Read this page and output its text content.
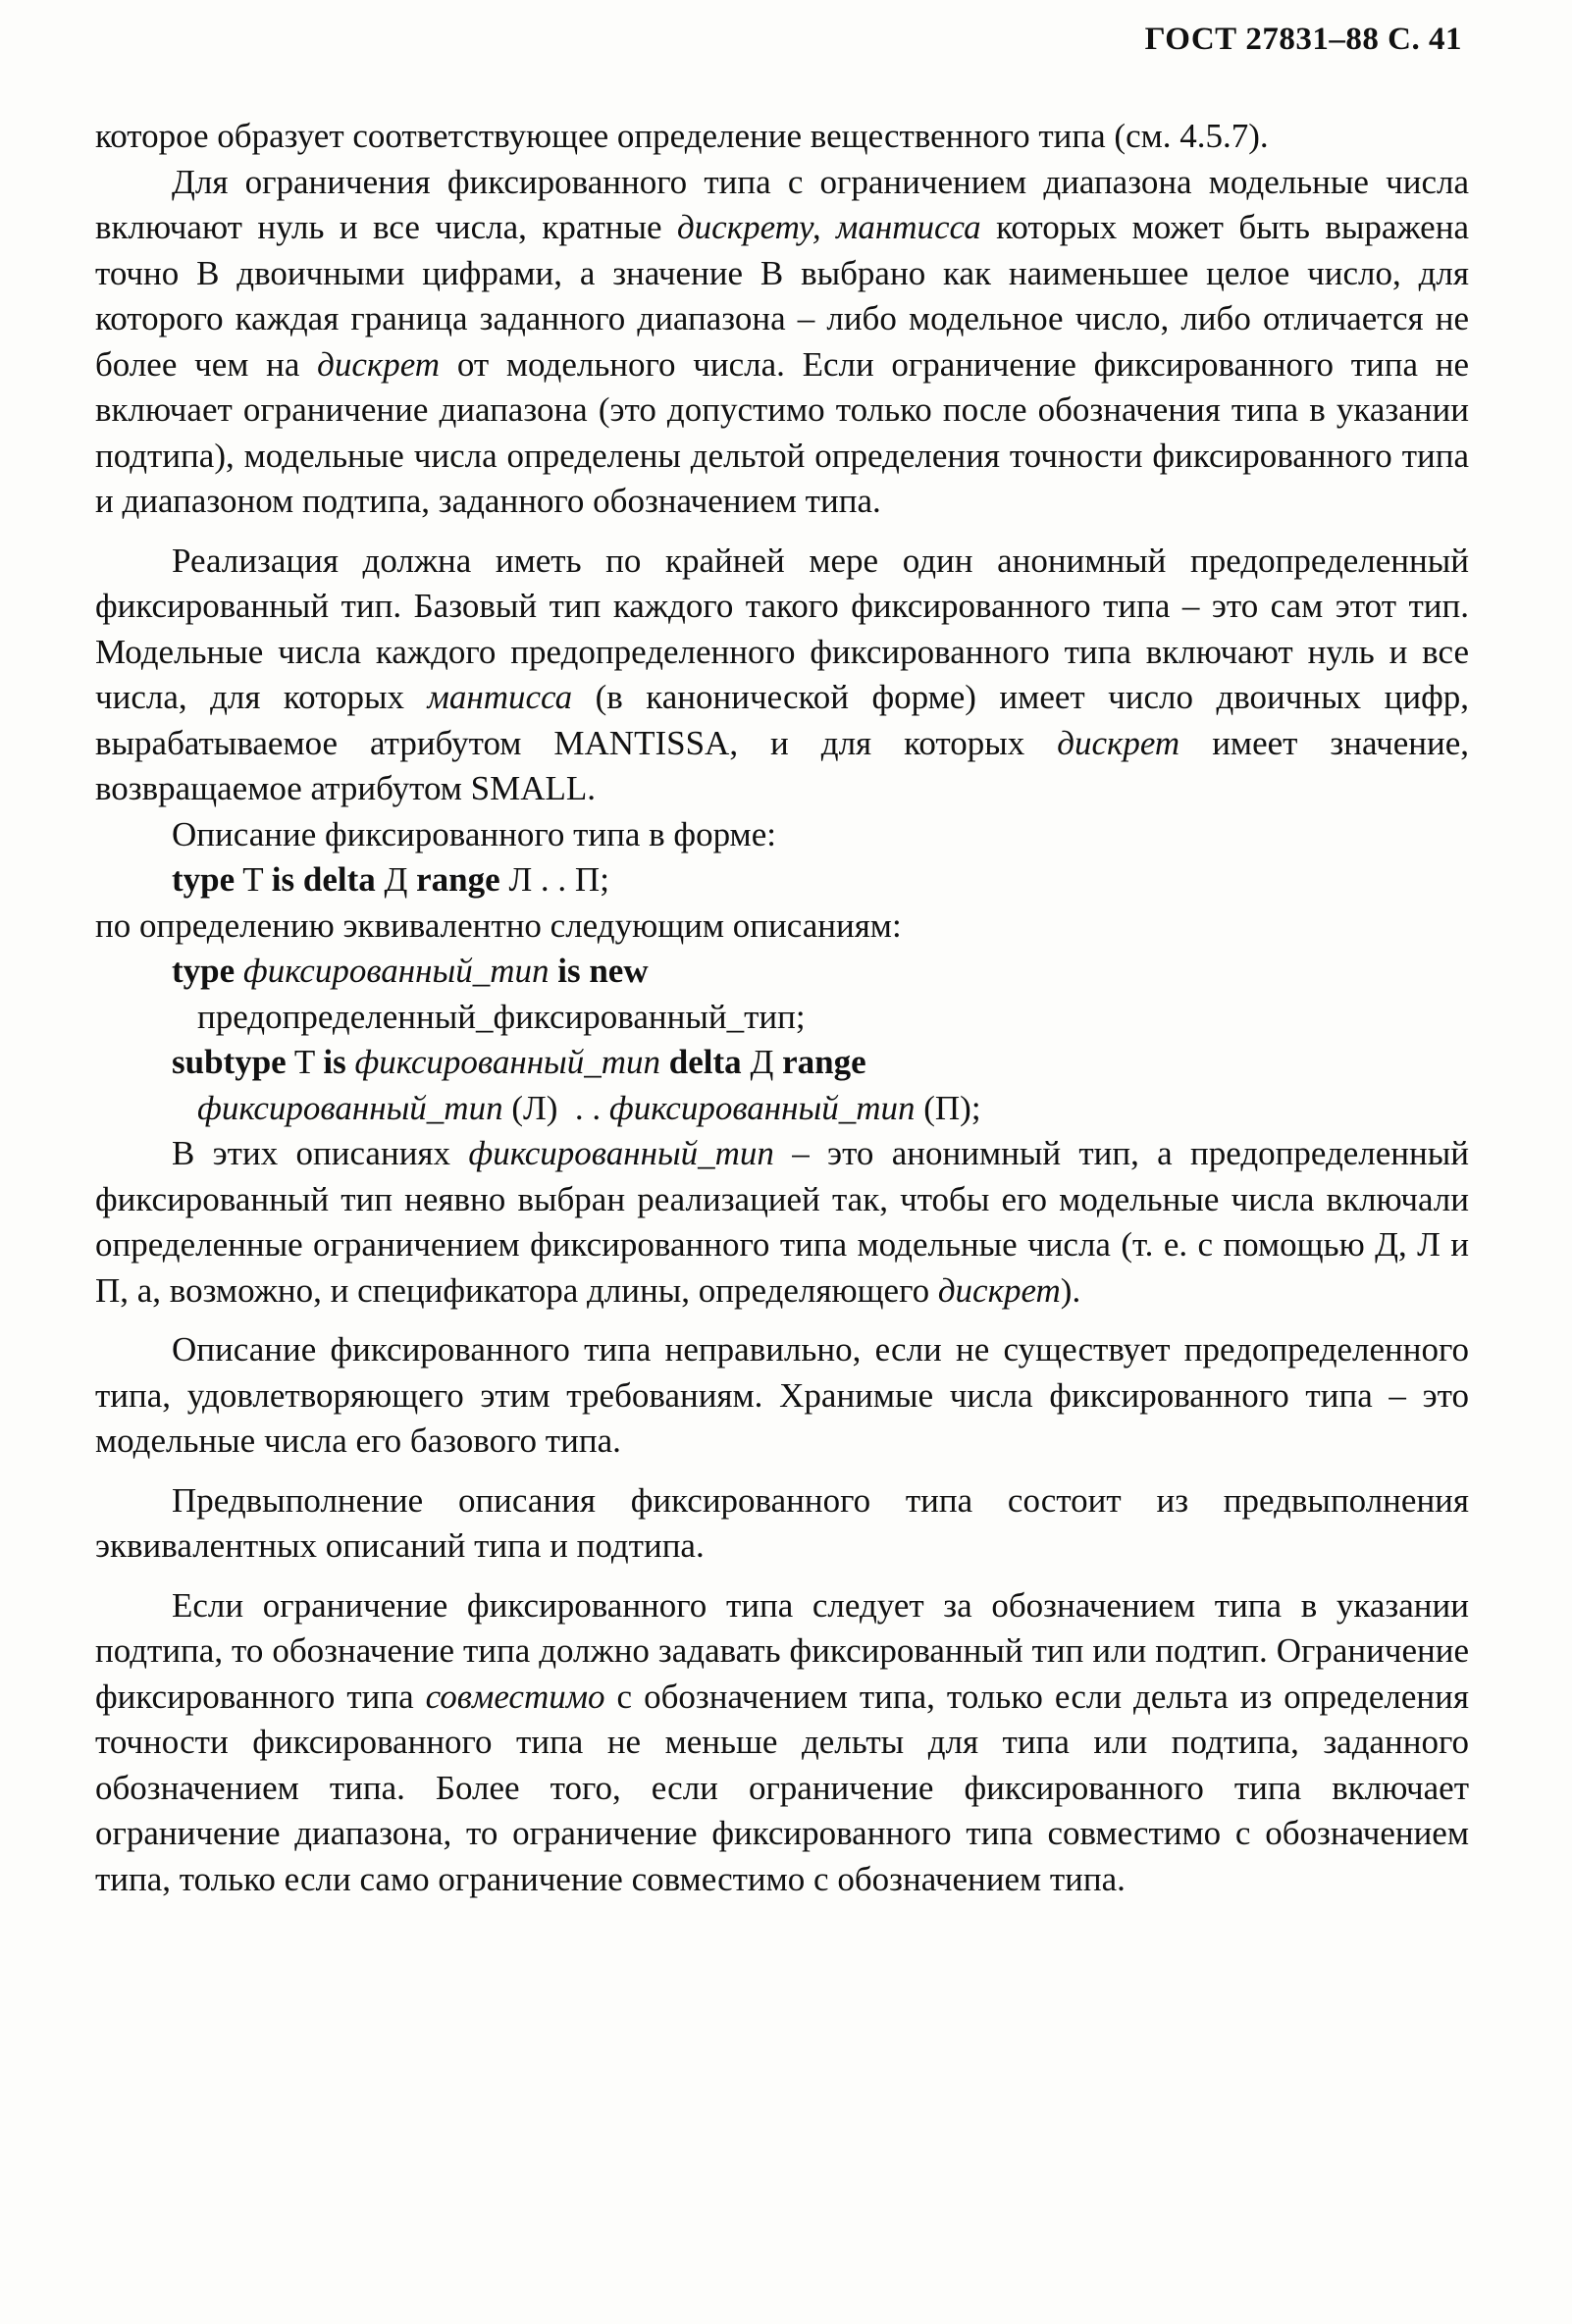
ГОСТ 27831–88 С. 41

которое образует соответствующее определение вещественного типа (см. 4.5.7).

Для ограничения фиксированного типа с ограничением диапазона модельные числа включают нуль и все числа, кратные дискрету, мантисса которых может быть выражена точно В двоичными цифрами, а значение В выбрано как наименьшее целое число, для которого каждая граница заданного диапазона – либо модельное число, либо отличается не более чем на дискрет от модельного числа. Если ограничение фиксированного типа не включает ограничение диапазона (это допустимо только после обозначения типа в указании подтипа), модельные числа определены дельтой определения точности фиксированного типа и диапазоном подтипа, заданного обозначением типа.

Реализация должна иметь по крайней мере один анонимный предопределенный фиксированный тип. Базовый тип каждого такого фиксированного типа – это сам этот тип. Модельные числа каждого предопределенного фиксированного типа включают нуль и все числа, для которых мантисса (в канонической форме) имеет число двоичных цифр, вырабатываемое атрибутом MANTISSA, и для которых дискрет имеет значение, возвращаемое атрибутом SMALL.

Описание фиксированного типа в форме:

type T is delta Д range Л . . П;

по определению эквивалентно следующим описаниям:

type фиксированный_тип is new
предопределенный_фиксированный_тип;
subtype T is фиксированный_тип delta Д range
фиксированный_тип (Л)  . . фиксированный_тип (П);

В этих описаниях фиксированный_тип – это анонимный тип, а предопределенный фиксированный тип неявно выбран реализацией так, чтобы его модельные числа включали определенные ограничением фиксированного типа модельные числа (т. е. с помощью Д, Л и П, а, возможно, и спецификатора длины, определяющего дискрет).

Описание фиксированного типа неправильно, если не существует предопределенного типа, удовлетворяющего этим требованиям. Хранимые числа фиксированного типа – это модельные числа его базового типа.

Предвыполнение описания фиксированного типа состоит из предвыполнения эквивалентных описаний типа и подтипа.

Если ограничение фиксированного типа следует за обозначением типа в указании подтипа, то обозначение типа должно задавать фиксированный тип или подтип. Ограничение фиксированного типа совместимо с обозначением типа, только если дельта из определения точности фиксированного типа не меньше дельты для типа или подтипа, заданного обозначением типа. Более того, если ограничение фиксированного типа включает ограничение диапазона, то ограничение фиксированного типа совместимо с обозначением типа, только если само ограничение совместимо с обозначением типа.
